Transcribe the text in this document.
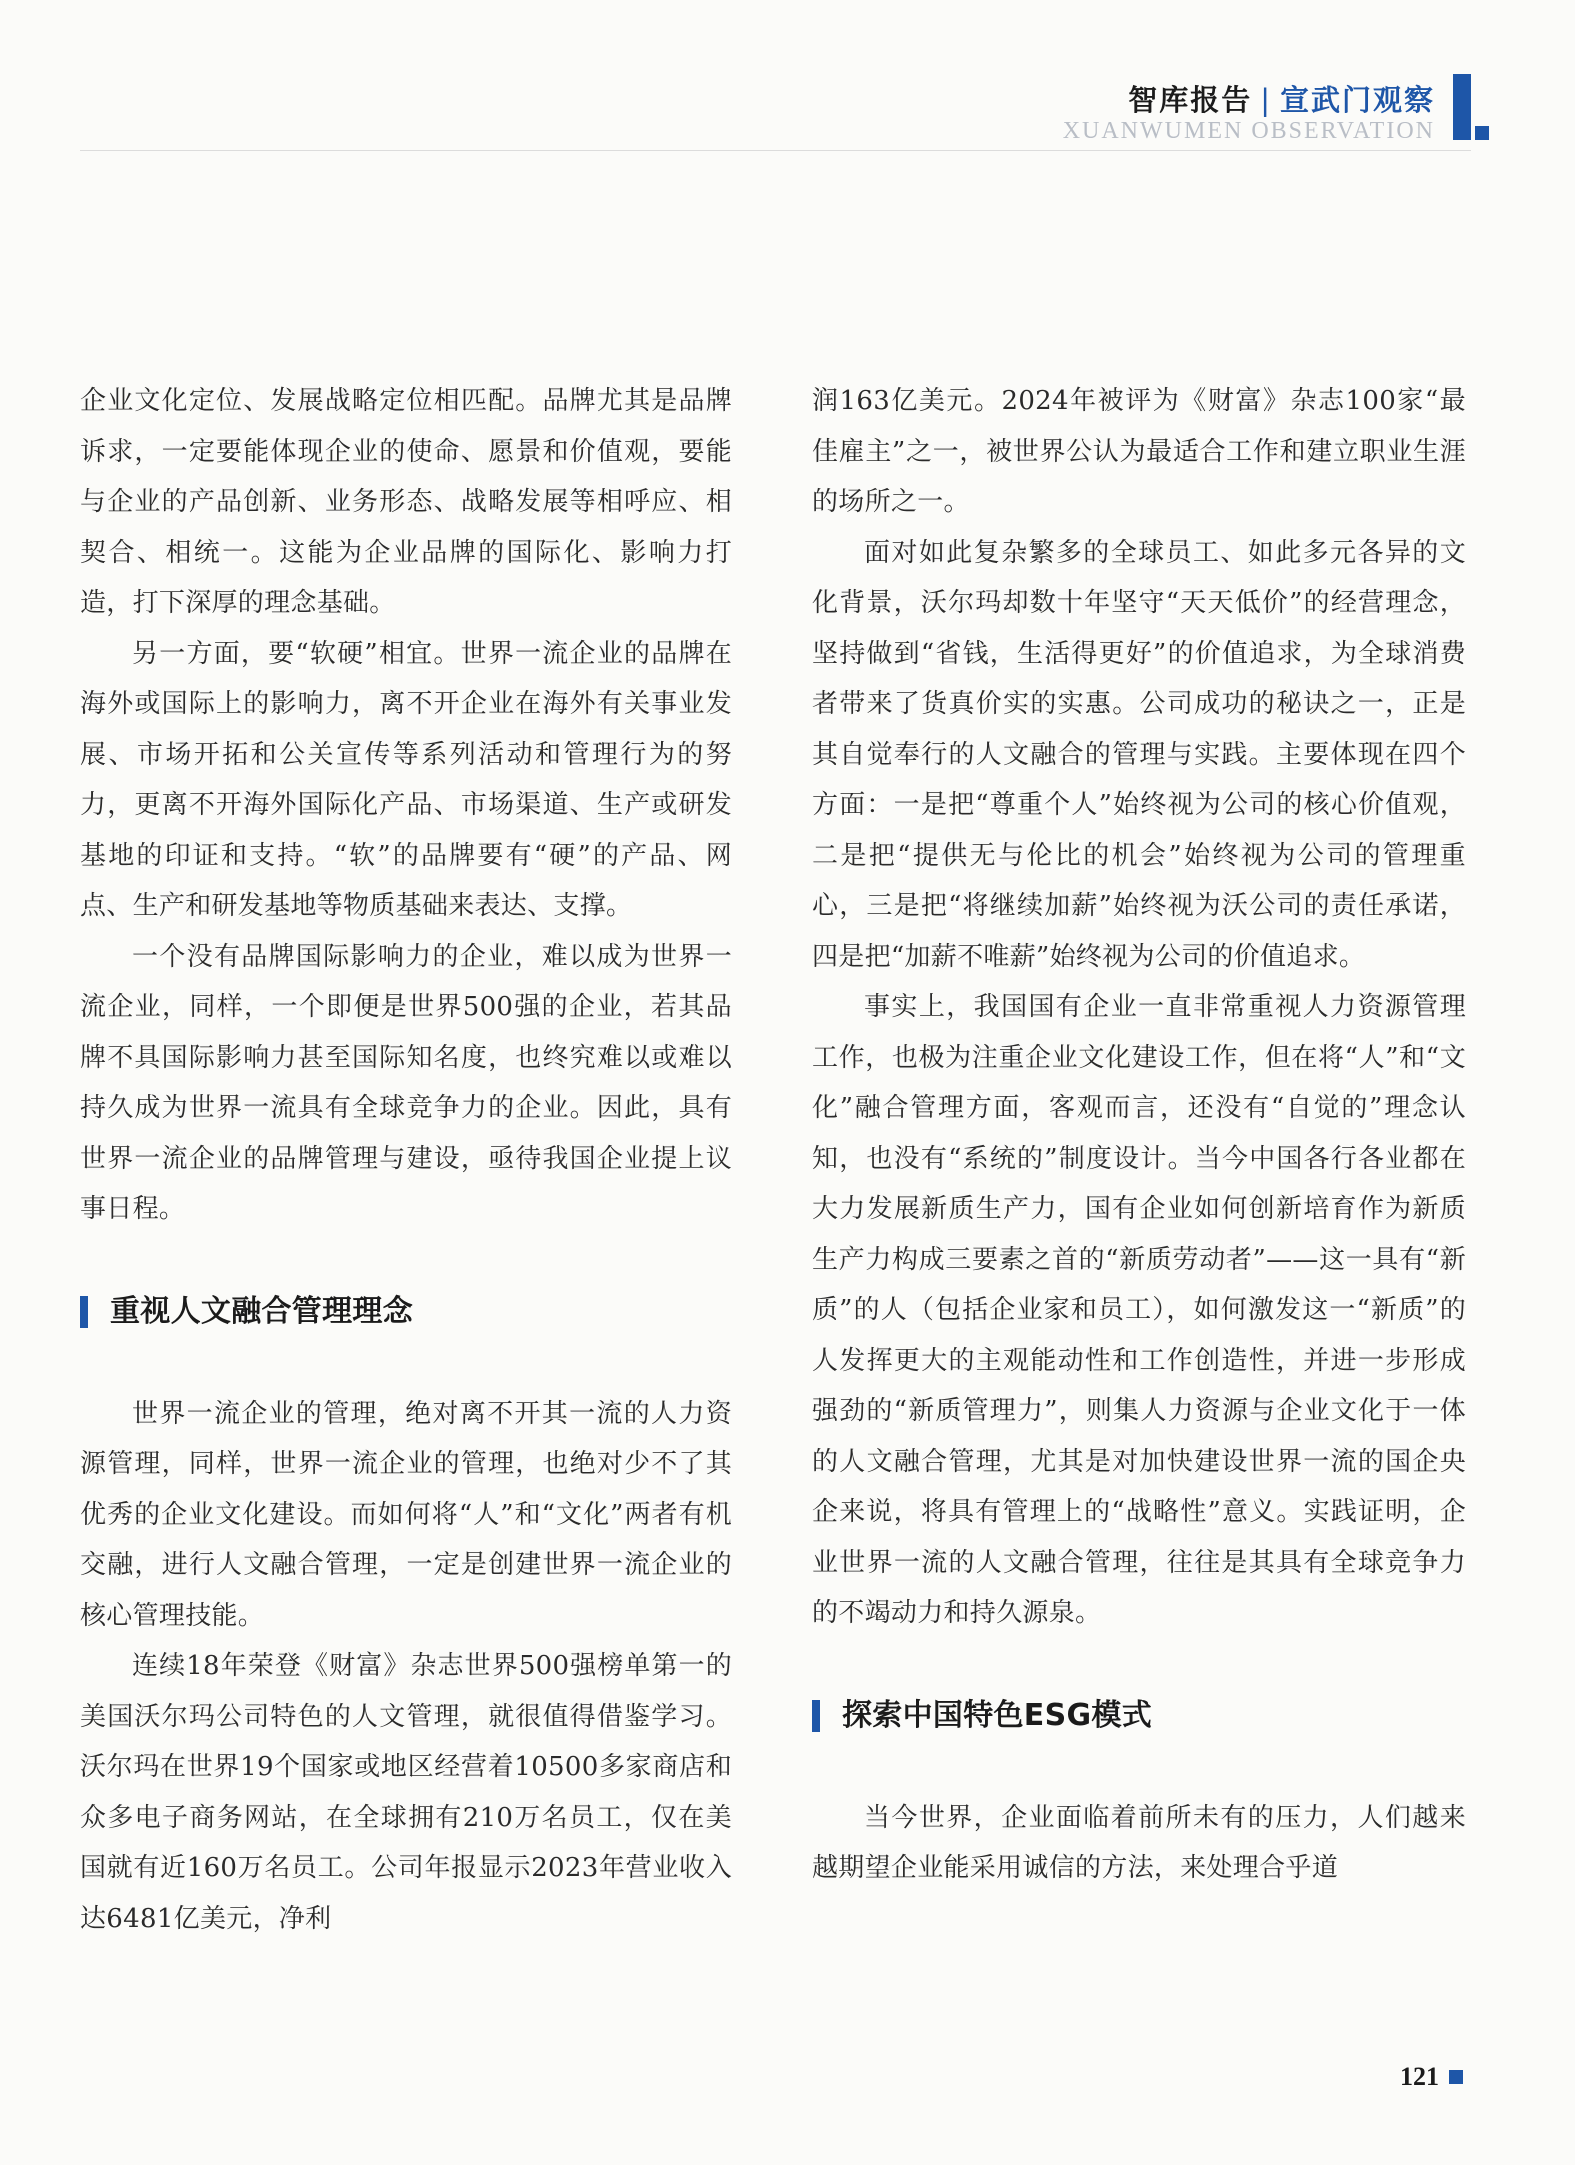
智库报告 | 宣武门观察
XUANWUMEN OBSERVATION

企业文化定位、发展战略定位相匹配。品牌尤其是品牌诉求，一定要能体现企业的使命、愿景和价值观，要能与企业的产品创新、业务形态、战略发展等相呼应、相契合、相统一。这能为企业品牌的国际化、影响力打造，打下深厚的理念基础。

另一方面，要“软硬”相宜。世界一流企业的品牌在海外或国际上的影响力，离不开企业在海外有关事业发展、市场开拓和公关宣传等系列活动和管理行为的努力，更离不开海外国际化产品、市场渠道、生产或研发基地的印证和支持。“软”的品牌要有“硬”的产品、网点、生产和研发基地等物质基础来表达、支撑。

一个没有品牌国际影响力的企业，难以成为世界一流企业，同样，一个即便是世界500强的企业，若其品牌不具国际影响力甚至国际知名度，也终究难以或难以持久成为世界一流具有全球竞争力的企业。因此，具有世界一流企业的品牌管理与建设，亟待我国企业提上议事日程。

重视人文融合管理理念

世界一流企业的管理，绝对离不开其一流的人力资源管理，同样，世界一流企业的管理，也绝对少不了其优秀的企业文化建设。而如何将“人”和“文化”两者有机交融，进行人文融合管理，一定是创建世界一流企业的核心管理技能。

连续18年荣登《财富》杂志世界500强榜单第一的美国沃尔玛公司特色的人文管理，就很值得借鉴学习。沃尔玛在世界19个国家或地区经营着10500多家商店和众多电子商务网站，在全球拥有210万名员工，仅在美国就有近160万名员工。公司年报显示2023年营业收入达6481亿美元，净利

润163亿美元。2024年被评为《财富》杂志100家“最佳雇主”之一，被世界公认为最适合工作和建立职业生涯的场所之一。

面对如此复杂繁多的全球员工、如此多元各异的文化背景，沃尔玛却数十年坚守“天天低价”的经营理念，坚持做到“省钱，生活得更好”的价值追求，为全球消费者带来了货真价实的实惠。公司成功的秘诀之一，正是其自觉奉行的人文融合的管理与实践。主要体现在四个方面：一是把“尊重个人”始终视为公司的核心价值观，二是把“提供无与伦比的机会”始终视为公司的管理重心，三是把“将继续加薪”始终视为沃公司的责任承诺，四是把“加薪不唯薪”始终视为公司的价值追求。

事实上，我国国有企业一直非常重视人力资源管理工作，也极为注重企业文化建设工作，但在将“人”和“文化”融合管理方面，客观而言，还没有“自觉的”理念认知，也没有“系统的”制度设计。当今中国各行各业都在大力发展新质生产力，国有企业如何创新培育作为新质生产力构成三要素之首的“新质劳动者”——这一具有“新质”的人（包括企业家和员工），如何激发这一“新质”的人发挥更大的主观能动性和工作创造性，并进一步形成强劲的“新质管理力”，则集人力资源与企业文化于一体的人文融合管理，尤其是对加快建设世界一流的国企央企来说，将具有管理上的“战略性”意义。实践证明，企业世界一流的人文融合管理，往往是其具有全球竞争力的不竭动力和持久源泉。

探索中国特色ESG模式

当今世界，企业面临着前所未有的压力，人们越来越期望企业能采用诚信的方法，来处理合乎道

121
